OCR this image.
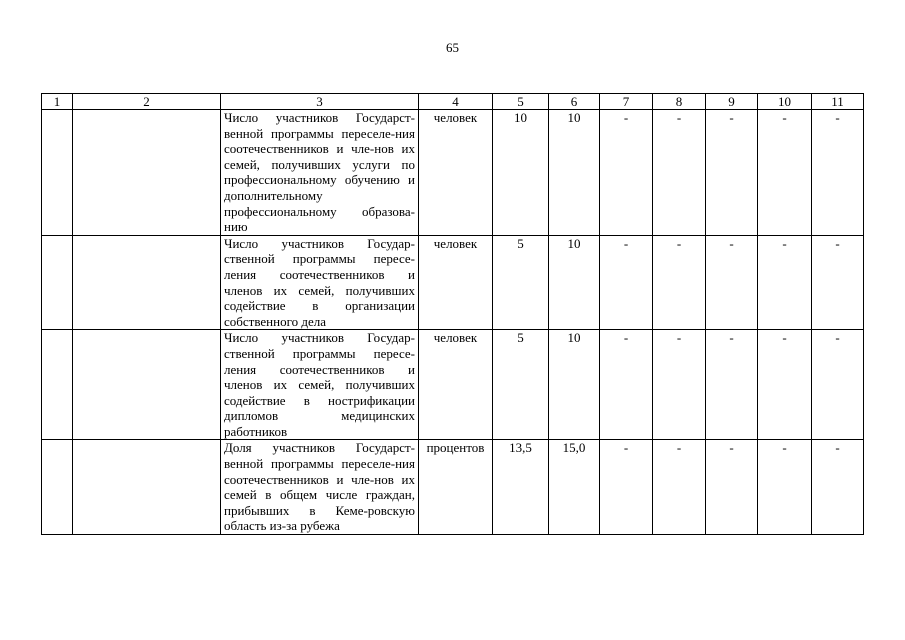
65
1	2	3	4	5	6	7	8	9	10	11
		Число участников Государст-венной программы переселе-ния соотечественников и чле-нов их семей, получивших услуги по профессиональному обучению и дополнительному профессиональному образова-нию	человек	10	10	-	-	-	-	-
		Число участников Государ-ственной программы пересе-ления соотечественников и членов их семей, получивших содействие в организации собственного дела	человек	5	10	-	-	-	-	-
		Число участников Государ-ственной программы пересе-ления соотечественников и членов их семей, получивших содействие в нострификации дипломов медицинских работников	человек	5	10	-	-	-	-	-
		Доля участников Государст-венной программы переселе-ния соотечественников и чле-нов их семей в общем числе граждан, прибывших в Кеме-ровскую область из-за рубежа	процентов	13,5	15,0	-	-	-	-	-
